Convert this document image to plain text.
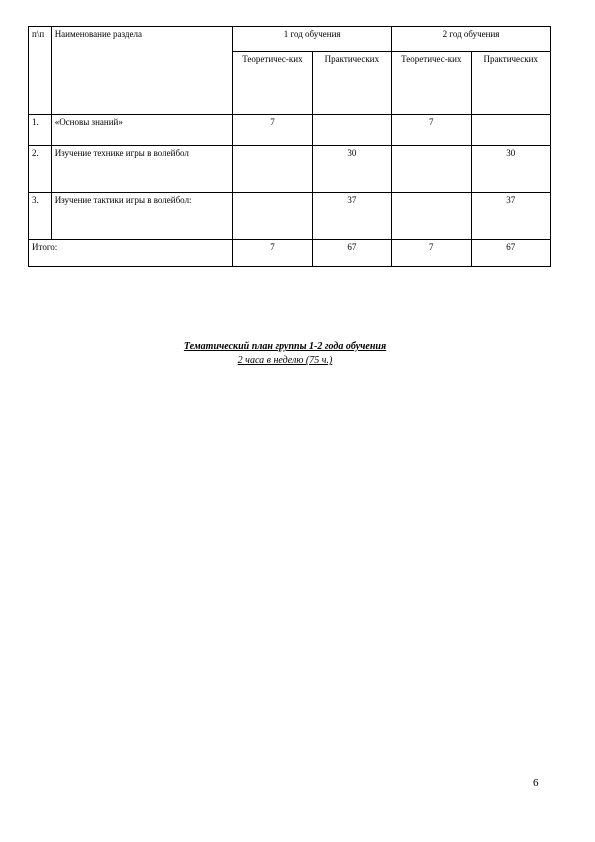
п\п	Наименование раздела	1 год обучения		2 год обучения	
		Теоретичес-ких	Практических	Теоретичес-ких	Практических
1.	«Основы знаний»	7		7	
2.	Изучение технике игры в волейбол		30		30
3.	Изучение тактики игры в волейбол:		37		37
Итого:		7	67	7	67
Тематический план группы 1-2 года обучения
2 часа в неделю (75 ч.)
6
